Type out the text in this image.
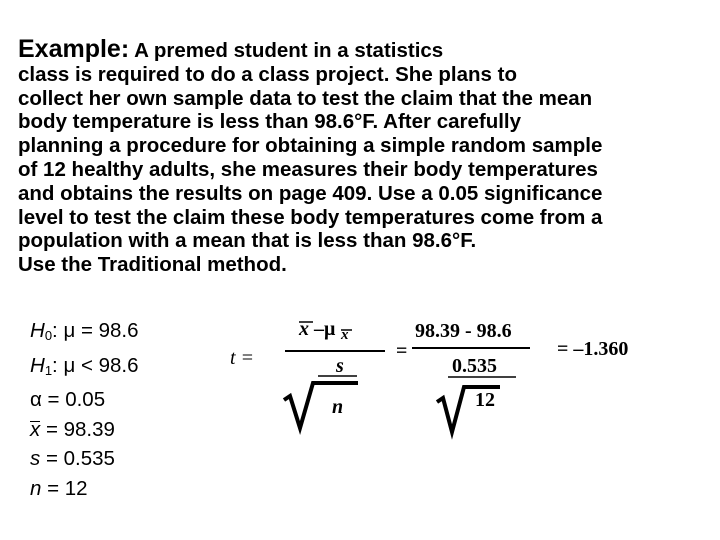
Example: A premed student in a statistics
class is required to do a class project. She plans to
collect her own sample data to test the claim that the mean
body temperature is less than 98.6°F. After carefully
planning a procedure for obtaining a simple random sample
of 12 healthy adults, she measures their body temperatures
and obtains the results on page 409. Use a 0.05 significance
level to test the claim these body temperatures come from a
population with a mean that is less than 98.6°F.
Use the Traditional method.
$H_0$: μ = 98.6
$H_1$: μ < 98.6
α = 0.05
x = 98.39
s = 0.535
n = 12
t =
x –μ x
s
n
=
98.39 - 98.6
0.535
12
= –1.360
